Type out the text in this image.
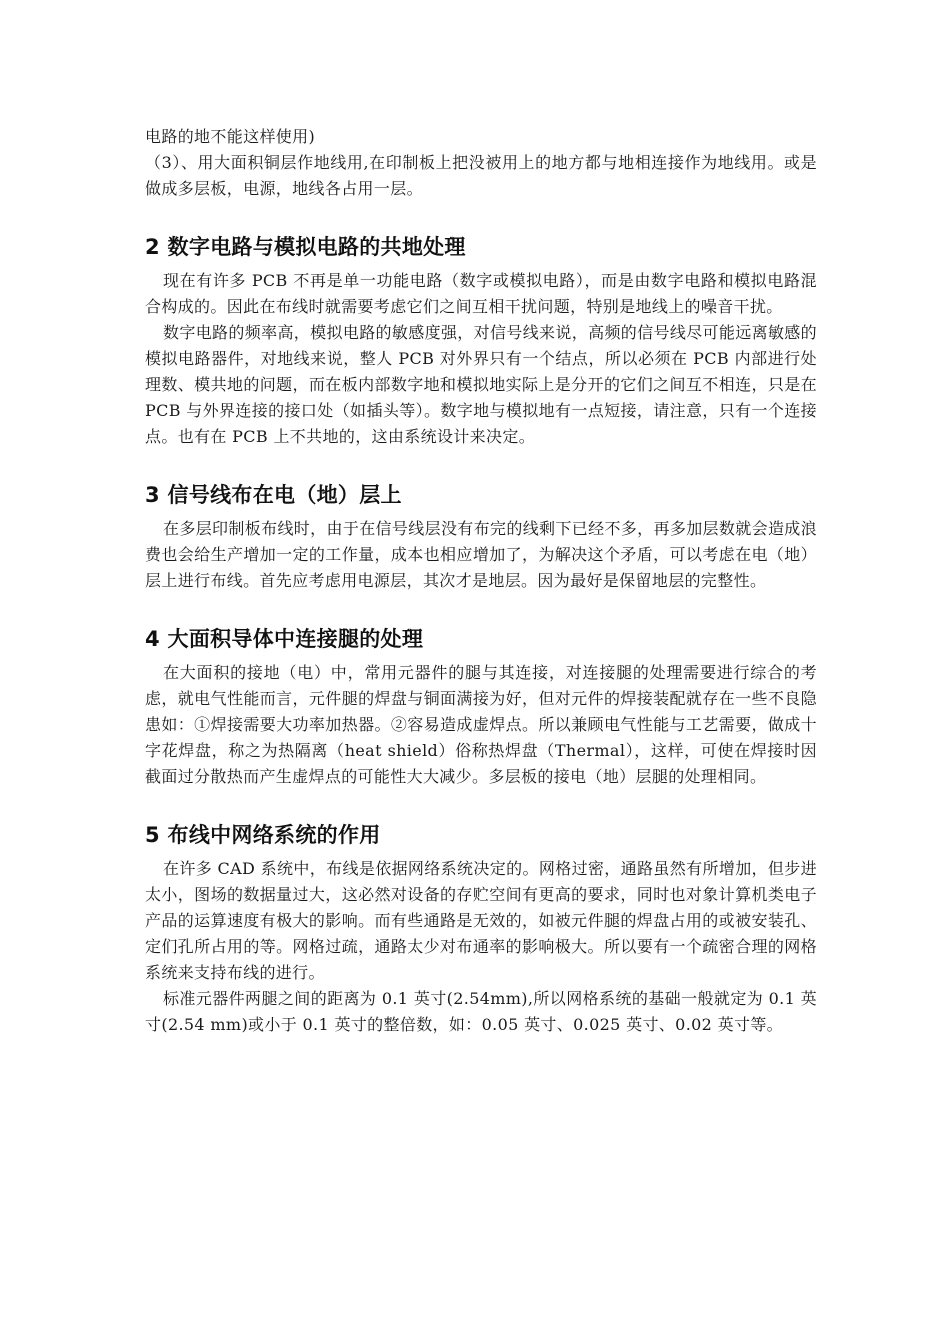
电路的地不能这样使用)

（3）、用大面积铜层作地线用,在印制板上把没被用上的地方都与地相连接作为地线用。或是做成多层板，电源，地线各占用一层。

2 数字电路与模拟电路的共地处理

现在有许多 PCB 不再是单一功能电路（数字或模拟电路），而是由数字电路和模拟电路混合构成的。因此在布线时就需要考虑它们之间互相干扰问题，特别是地线上的噪音干扰。

数字电路的频率高，模拟电路的敏感度强，对信号线来说，高频的信号线尽可能远离敏感的模拟电路器件，对地线来说，整人 PCB 对外界只有一个结点，所以必须在 PCB 内部进行处理数、模共地的问题，而在板内部数字地和模拟地实际上是分开的它们之间互不相连，只是在 PCB 与外界连接的接口处（如插头等）。数字地与模拟地有一点短接，请注意，只有一个连接点。也有在 PCB 上不共地的，这由系统设计来决定。

3 信号线布在电（地）层上

在多层印制板布线时，由于在信号线层没有布完的线剩下已经不多，再多加层数就会造成浪费也会给生产增加一定的工作量，成本也相应增加了，为解决这个矛盾，可以考虑在电（地）层上进行布线。首先应考虑用电源层，其次才是地层。因为最好是保留地层的完整性。

4 大面积导体中连接腿的处理

在大面积的接地（电）中，常用元器件的腿与其连接，对连接腿的处理需要进行综合的考虑，就电气性能而言，元件腿的焊盘与铜面满接为好，但对元件的焊接装配就存在一些不良隐患如：①焊接需要大功率加热器。②容易造成虚焊点。所以兼顾电气性能与工艺需要，做成十字花焊盘，称之为热隔离（heat shield）俗称热焊盘（Thermal），这样，可使在焊接时因截面过分散热而产生虚焊点的可能性大大减少。多层板的接电（地）层腿的处理相同。

5 布线中网络系统的作用

在许多 CAD 系统中，布线是依据网络系统决定的。网格过密，通路虽然有所增加，但步进太小，图场的数据量过大，这必然对设备的存贮空间有更高的要求，同时也对象计算机类电子产品的运算速度有极大的影响。而有些通路是无效的，如被元件腿的焊盘占用的或被安装孔、定们孔所占用的等。网格过疏，通路太少对布通率的影响极大。所以要有一个疏密合理的网格系统来支持布线的进行。

标准元器件两腿之间的距离为 0.1 英寸(2.54mm),所以网格系统的基础一般就定为 0.1 英寸(2.54 mm)或小于 0.1 英寸的整倍数，如：0.05 英寸、0.025 英寸、0.02 英寸等。
